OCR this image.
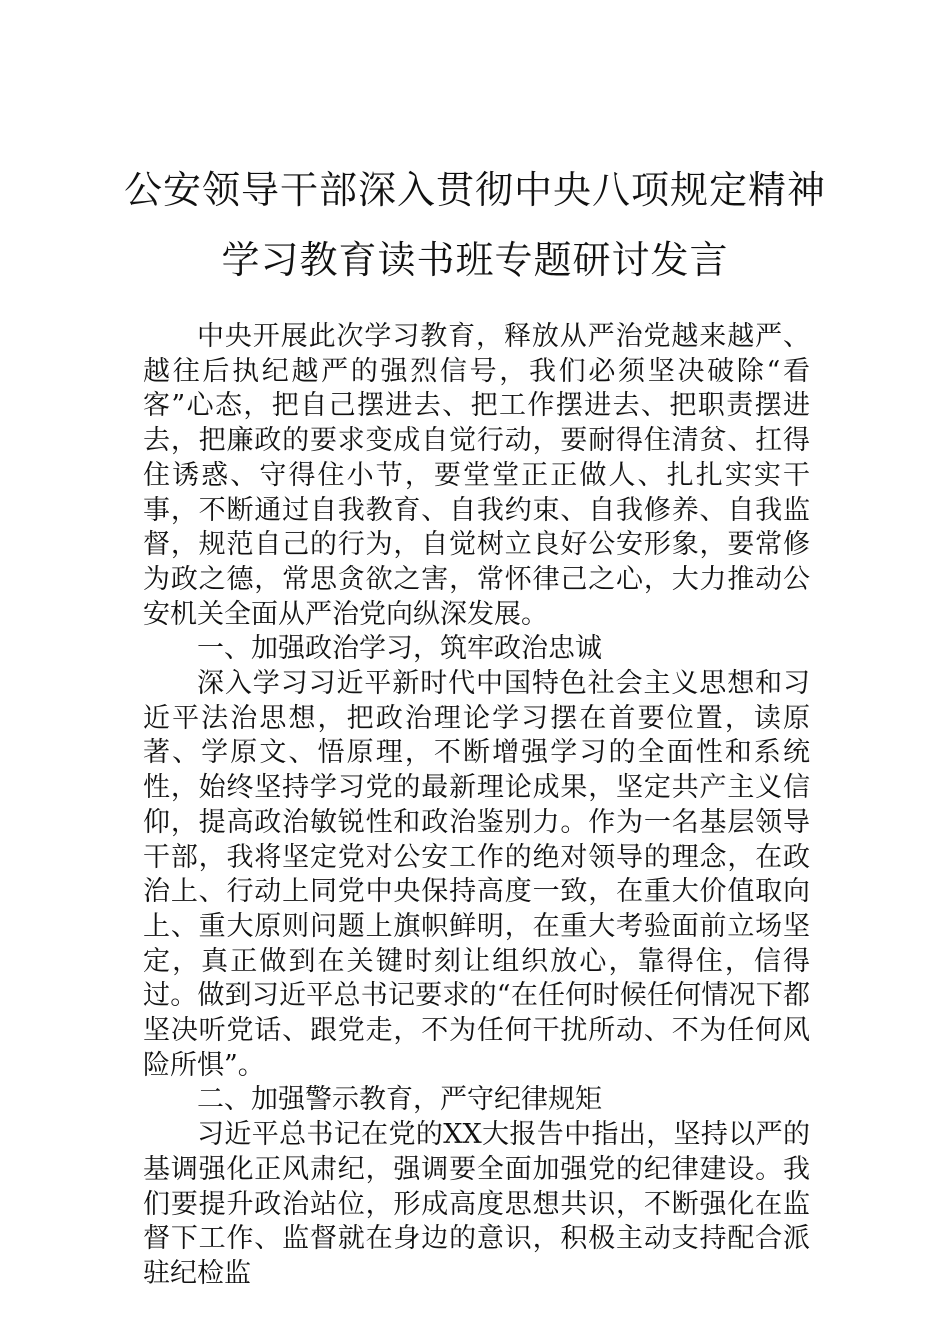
公安领导干部深入贯彻中央八项规定精神
学习教育读书班专题研讨发言

中央开展此次学习教育，释放从严治党越来越严、越往后执纪越严的强烈信号，我们必须坚决破除“看客”心态，把自己摆进去、把工作摆进去、把职责摆进去，把廉政的要求变成自觉行动，要耐得住清贫、扛得住诱惑、守得住小节，要堂堂正正做人、扎扎实实干事，不断通过自我教育、自我约束、自我修养、自我监督，规范自己的行为，自觉树立良好公安形象，要常修为政之德，常思贪欲之害，常怀律己之心，大力推动公安机关全面从严治党向纵深发展。

一、加强政治学习，筑牢政治忠诚

深入学习习近平新时代中国特色社会主义思想和习近平法治思想，把政治理论学习摆在首要位置，读原著、学原文、悟原理，不断增强学习的全面性和系统性，始终坚持学习党的最新理论成果，坚定共产主义信仰，提高政治敏锐性和政治鉴别力。作为一名基层领导干部，我将坚定党对公安工作的绝对领导的理念，在政治上、行动上同党中央保持高度一致，在重大价值取向上、重大原则问题上旗帜鲜明，在重大考验面前立场坚定，真正做到在关键时刻让组织放心，靠得住，信得过。做到习近平总书记要求的“在任何时候任何情况下都坚决听党话、跟党走，不为任何干扰所动、不为任何风险所惧”。

二、加强警示教育，严守纪律规矩

习近平总书记在党的XX大报告中指出，坚持以严的基调强化正风肃纪，强调要全面加强党的纪律建设。我们要提升政治站位，形成高度思想共识，不断强化在监督下工作、监督就在身边的意识，积极主动支持配合派驻纪检监
